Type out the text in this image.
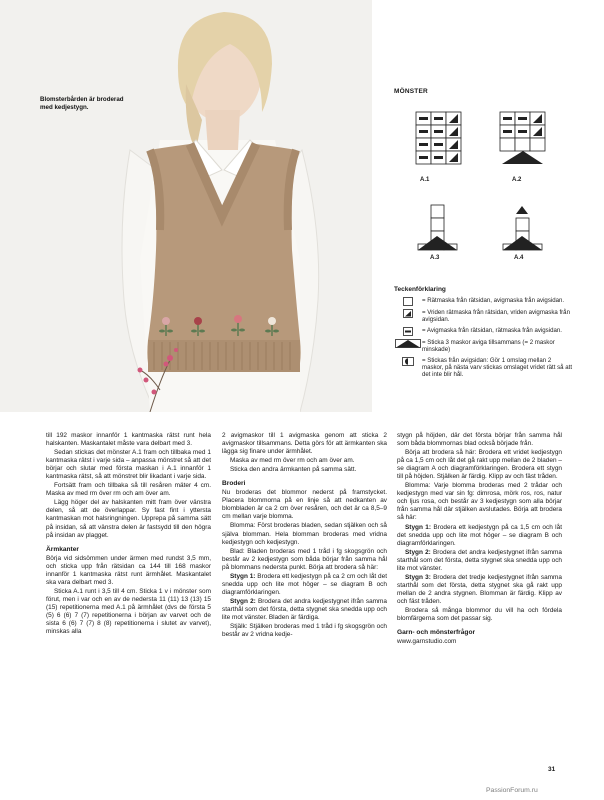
Blomsterbården är broderad med kedjestygn.
MÖNSTER
A.1	A.2
A.3	A.4
Teckenförklaring
= Rätmaska från rätsidan, avigmaska från avigsidan.
= Vriden rätmaska från rätsidan, vriden avigmaska från avigsidan.
= Avigmaska från rätsidan, rätmaska från avigsidan.
= Sticka 3 maskor aviga tillsammans (= 2 maskor minskade)
= Stickas från avigsidan: Gör 1 omslag mellan 2 maskor, på nästa varv stickas omslaget vridet rätt så att det inte blir hål.

till 192 maskor innanför 1 kantmaska rätst runt hela halskanten. Maskantalet måste vara delbart med 3.

Sedan stickas det mönster A.1 fram och tillbaka med 1 kantmaska rätst i varje sida – anpassa mönstret så att det börjar och slutar med första maskan i A.1 innanför 1 kantmaska rätst, så att mönstret blir likadant i varje sida.

Fortsätt fram och tillbaka så till resåren mäter 4 cm. Maska av med rm över rm och am över am.

Lägg höger del av halskanten mitt fram över vänstra delen, så att de överlappar. Sy fast fint i yttersta kantmaskan mot halsringningen. Upprepa på samma sätt på insidan, så att vänstra delen är fastsydd till den högra på insidan av plagget.

Ärmkanter

Börja vid sidsömmen under ärmen med rundst 3,5 mm, och sticka upp från rätsidan ca 144 till 168 maskor innanför 1 kantmaska rätst runt ärmhålet. Maskantalet ska vara delbart med 3.

Sticka A.1 runt i 3,5 till 4 cm. Sticka 1 v i mönster som förut, men i var och en av de nedersta 11 (11) 13 (13) 15 (15) repetitionerna med A.1 på ärmhålet (dvs de första 5 (5) 6 (6) 7 (7) repetitionerna i början av varvet och de sista 6 (6) 7 (7) 8 (8) repetitionerna i slutet av varvet), minskas alla

2 avigmaskor till 1 avigmaska genom att sticka 2 avigmaskor tillsammans. Detta görs för att ärmkanten ska lägga sig finare under ärmhålet.

Maska av med rm över rm och am över am.

Sticka den andra ärmkanten på samma sätt.

Broderi

Nu broderas det blommor nederst på framstycket. Placera blommorna på en linje så att nedkanten av blombladen är ca 2 cm över resåren, och det är ca 8,5–9 cm mellan varje blomma.

Blomma: Först broderas bladen, sedan stjälken och så själva blomman. Hela blomman broderas med vridna kedjestygn och kedjestygn.

Blad: Bladen broderas med 1 tråd i fg skogsgrön och består av 2 kedjestygn som båda börjar från samma hål på blommans nedersta punkt. Börja att brodera så här:

Stygn 1: Brodera ett kedjestygn på ca 2 cm och låt det snedda upp och lite mot höger – se diagram B och diagramförklaringen.

Stygn 2: Brodera det andra kedjestygnet ifrån samma starthål som det första, detta stygnet ska snedda upp och lite mot vänster. Bladen är färdiga.

Stjälk: Stjälken broderas med 1 tråd i fg skogsgrön och består av 2 vridna kedje-

stygn på höjden, där det första börjar från samma hål som båda blommornas blad också började från.

Börja att brodera så här: Brodera ett vridet kedjestygn på ca 1,5 cm och låt det gå rakt upp mellan de 2 bladen – se diagram A och diagramförklaringen. Brodera ett stygn till på höjden. Stjälken är färdig. Klipp av och fäst tråden.

Blomma: Varje blomma broderas med 2 trådar och kedjestygn med var sin fg: dimrosa, mörk ros, ros, natur och ljus rosa, och består av 3 kedjestygn som alla börjar från samma hål där stjälken avslutades. Börja att brodera så här:

Stygn 1: Brodera ett kedjestygn på ca 1,5 cm och låt det snedda upp och lite mot höger – se diagram B och diagramförklaringen.

Stygn 2: Brodera det andra kedjestygnet ifrån samma starthål som det första, detta stygnet ska snedda upp och lite mot vänster.

Stygn 3: Brodera det tredje kedjestygnet ifrån samma starthål som det första, detta stygnet ska gå rakt upp mellan de 2 andra stygnen. Blomman är färdig. Klipp av och fäst tråden.

Brodera så många blommor du vill ha och fördela blomfärgerna som det passar sig.

Garn- och mönsterfrågor

www.garnstudio.com

31
PassionForum.ru
